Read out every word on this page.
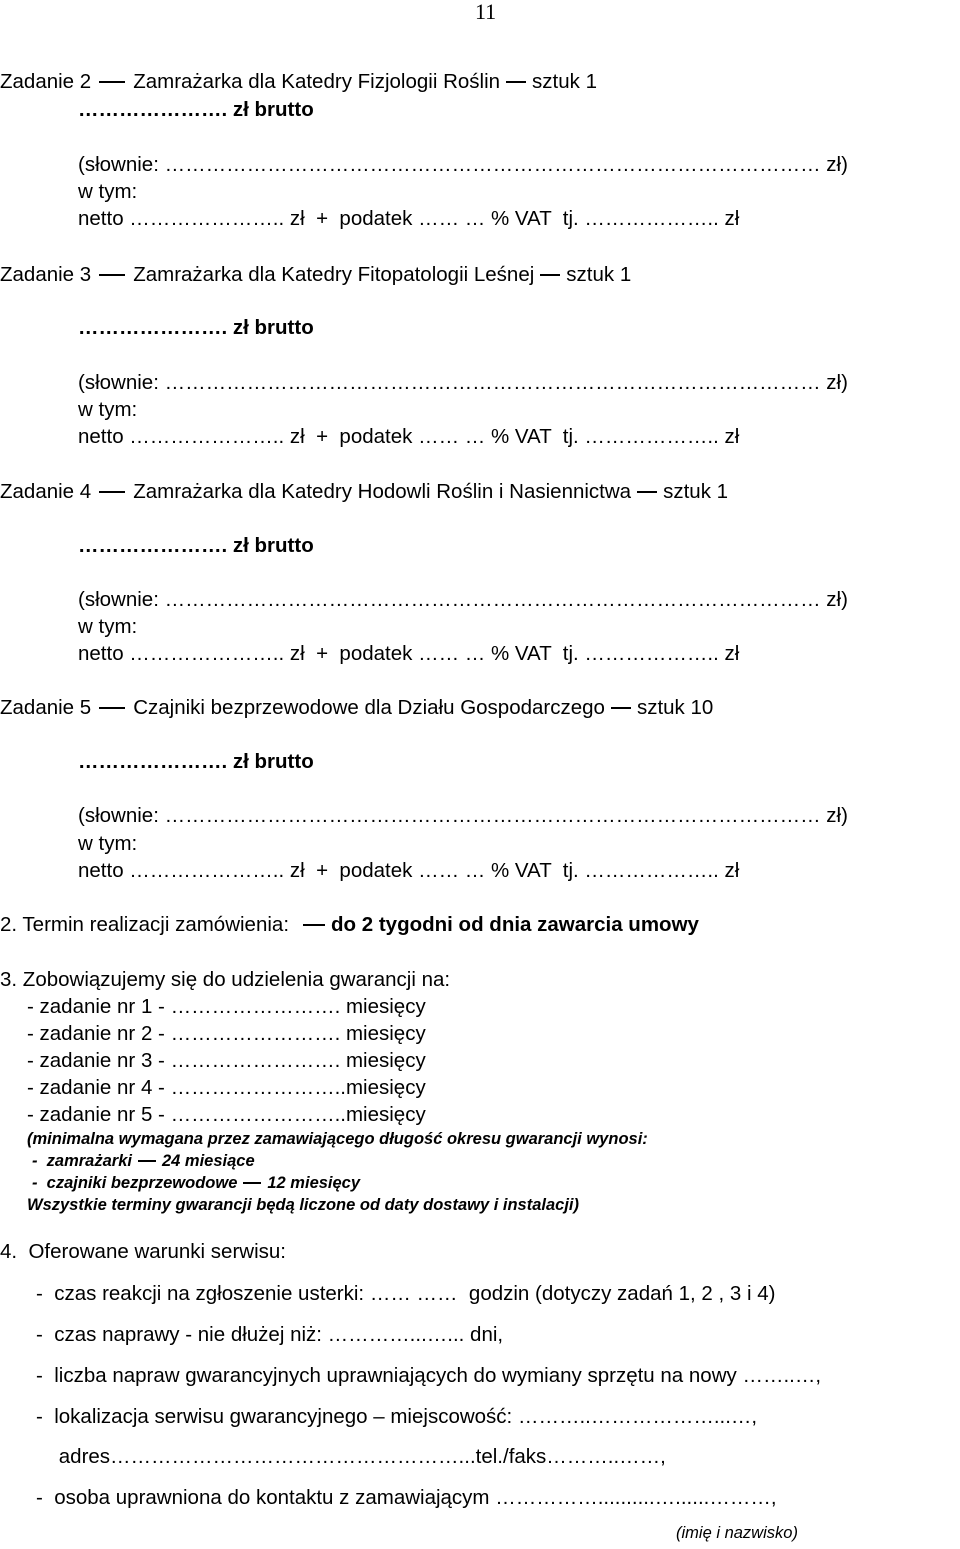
11
Zadanie 2 Zamrażarka dla Katedry Fizjologii Roślin sztuk 1
…………………. zł brutto
(słownie: …………………………………………………………………………………… zł)
w tym:
netto ………………….. zł  +  podatek …… … % VAT  tj. ……………….. zł
Zadanie 3 Zamrażarka dla Katedry Fitopatologii Leśnej sztuk 1
…………………. zł brutto
(słownie: …………………………………………………………………………………… zł)
w tym:
netto ………………….. zł  +  podatek …… … % VAT  tj. ……………….. zł
Zadanie 4 Zamrażarka dla Katedry Hodowli Roślin i Nasiennictwa sztuk 1
…………………. zł brutto
(słownie: …………………………………………………………………………………… zł)
w tym:
netto ………………….. zł  +  podatek …… … % VAT  tj. ……………….. zł
Zadanie 5 Czajniki bezprzewodowe dla Działu Gospodarczego sztuk 10
…………………. zł brutto
(słownie: …………………………………………………………………………………… zł)
w tym:
netto ………………….. zł  +  podatek …… … % VAT  tj. ……………….. zł
2. Termin realizacji zamówienia: do 2 tygodni od dnia zawarcia umowy
3. Zobowiązujemy się do udzielenia gwarancji na:
- zadanie nr 1 - ……………………. miesięcy
- zadanie nr 2 - ……………………. miesięcy
- zadanie nr 3 - ……………………. miesięcy
- zadanie nr 4 - ……………………..miesięcy
- zadanie nr 5 - ……………………..miesięcy
(minimalna wymagana przez zamawiającego długość okresu gwarancji wynosi:
-  zamrażarki 24 miesiące
-  czajniki bezprzewodowe 12 miesięcy
Wszystkie terminy gwarancji będą liczone od daty dostawy i instalacji)
4.  Oferowane warunki serwisu:
-  czas reakcji na zgłoszenie usterki: …… ……  godzin (dotyczy zadań 1, 2 , 3 i 4)
-  czas naprawy - nie dłużej niż: …………...…... dni,
-  liczba napraw gwarancyjnych uprawniających do wymiany sprzętu na nowy ……..…,
-  lokalizacja serwisu gwarancyjnego – miejscowość: ………..………………...…,
adres……………………………………………...tel./faks………..……,
-  osoba uprawniona do kontaktu z zamawiającym ……………..........…......………,
(imię i nazwisko)
